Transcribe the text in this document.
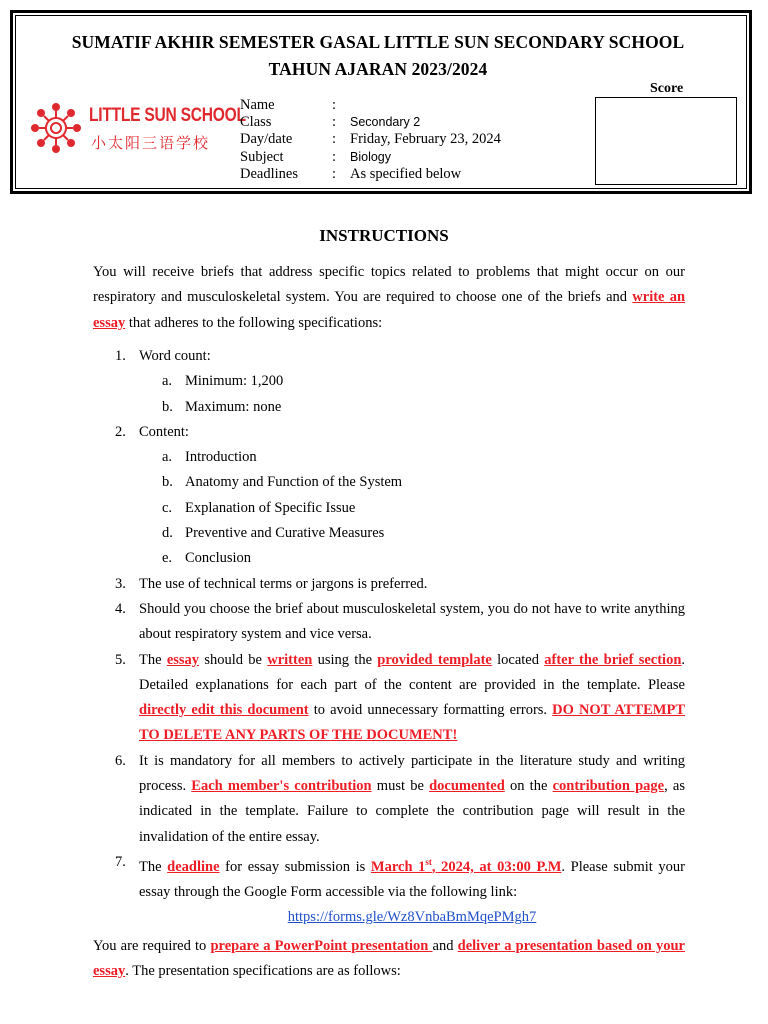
SUMATIF AKHIR SEMESTER GASAL LITTLE SUN SECONDARY SCHOOL
TAHUN AJARAN 2023/2024
LITTLE SUN SCHOOL
小太阳三语学校
Name	:
Class	: Secondary 2
Day/date	: Friday, February 23, 2024
Subject	: Biology
Deadlines : As specified below
Score
INSTRUCTIONS
You will receive briefs that address specific topics related to problems that might occur on our respiratory and musculoskeletal system. You are required to choose one of the briefs and write an essay that adheres to the following specifications:
1. Word count:
a. Minimum: 1,200
b. Maximum: none
2. Content:
a. Introduction
b. Anatomy and Function of the System
c. Explanation of Specific Issue
d. Preventive and Curative Measures
e. Conclusion
3. The use of technical terms or jargons is preferred.
4. Should you choose the brief about musculoskeletal system, you do not have to write anything about respiratory system and vice versa.
5. The essay should be written using the provided template located after the brief section. Detailed explanations for each part of the content are provided in the template. Please directly edit this document to avoid unnecessary formatting errors. DO NOT ATTEMPT TO DELETE ANY PARTS OF THE DOCUMENT!
6. It is mandatory for all members to actively participate in the literature study and writing process. Each member's contribution must be documented on the contribution page, as indicated in the template. Failure to complete the contribution page will result in the invalidation of the entire essay.
7. The deadline for essay submission is March 1st, 2024, at 03:00 P.M. Please submit your essay through the Google Form accessible via the following link:
https://forms.gle/Wz8VnbaBmMqePMgh7
You are required to prepare a PowerPoint presentation and deliver a presentation based on your essay. The presentation specifications are as follows:
